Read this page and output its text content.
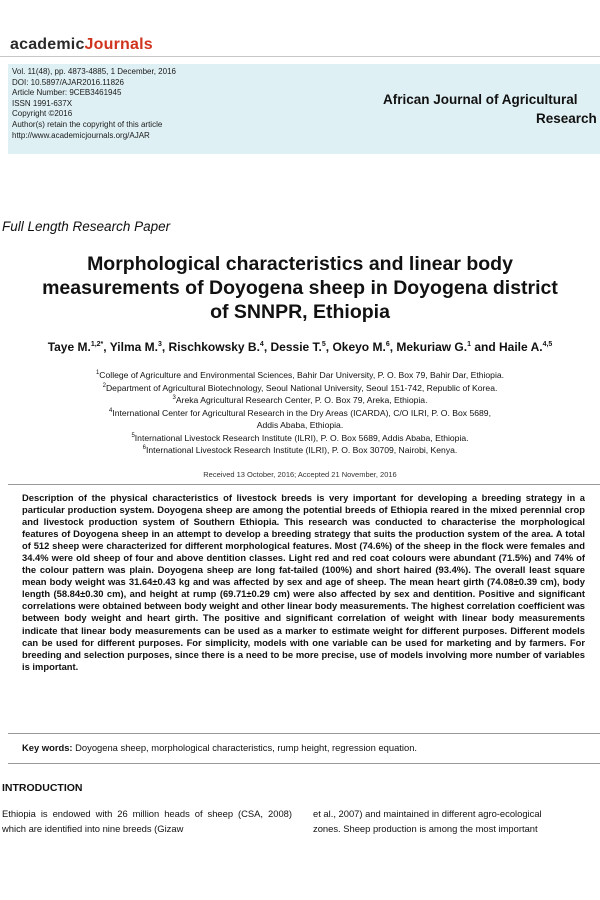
academicJournals
Vol. 11(48), pp. 4873-4885, 1 December, 2016
DOI: 10.5897/AJAR2016.11826
Article Number: 9CEB3461945
ISSN 1991-637X
Copyright ©2016
Author(s) retain the copyright of this article
http://www.academicjournals.org/AJAR
African Journal of Agricultural
Research
Full Length Research Paper
Morphological characteristics and linear body
measurements of Doyogena sheep in Doyogena district
of SNNPR, Ethiopia
Taye M.$^{1,2*}$, Yilma M.$^3$, Rischkowsky B.$^4$, Dessie T.$^5$, Okeyo M.$^6$, Mekuriaw G.$^1$ and Haile A.$^{4,5}$
$^1$College of Agriculture and Environmental Sciences, Bahir Dar University, P. O. Box 79, Bahir Dar, Ethiopia.
$^2$Department of Agricultural Biotechnology, Seoul National University, Seoul 151-742, Republic of Korea.
$^3$Areka Agricultural Research Center, P. O. Box 79, Areka, Ethiopia.
$^4$International Center for Agricultural Research in the Dry Areas (ICARDA), C/O ILRI, P. O. Box 5689,
Addis Ababa, Ethiopia.
$^5$International Livestock Research Institute (ILRI), P. O. Box 5689, Addis Ababa, Ethiopia.
$^6$International Livestock Research Institute (ILRI), P. O. Box 30709, Nairobi, Kenya.
Received 13 October, 2016; Accepted 21 November, 2016
Description of the physical characteristics of livestock breeds is very important for developing a breeding strategy in a particular production system. Doyogena sheep are among the potential breeds of Ethiopia reared in the mixed perennial crop and livestock production system of Southern Ethiopia. This research was conducted to characterise the morphological features of Doyogena sheep in an attempt to develop a breeding strategy that suits the production system of the area. A total of 512 sheep were characterized for different morphological features. Most (74.6%) of the sheep in the flock were females and 34.4% were old sheep of four and above dentition classes. Light red and red coat colours were abundant (71.5%) and 74% of the colour pattern was plain. Doyogena sheep are long fat-tailed (100%) and short haired (93.4%). The overall least square mean body weight was 31.64±0.43 kg and was affected by sex and age of sheep. The mean heart girth (74.08±0.39 cm), body length (58.84±0.30 cm), and height at rump (69.71±0.29 cm) were also affected by sex and dentition. Positive and significant correlations were obtained between body weight and other linear body measurements. The highest correlation coefficient was between body weight and heart girth. The positive and significant correlation of weight with linear body measurements indicate that linear body measurements can be used as a marker to estimate weight for different purposes. Different models can be used for different purposes. For simplicity, models with one variable can be used for marketing and by farmers. For breeding and selection purposes, since there is a need to be more precise, use of models involving more number of variables is important.
Key words: Doyogena sheep, morphological characteristics, rump height, regression equation.
INTRODUCTION
Ethiopia is endowed with 26 million heads of sheep (CSA, 2008) which are identified into nine breeds (Gizaw
et al., 2007) and maintained in different agro-ecological
zones. Sheep production is among the most important
